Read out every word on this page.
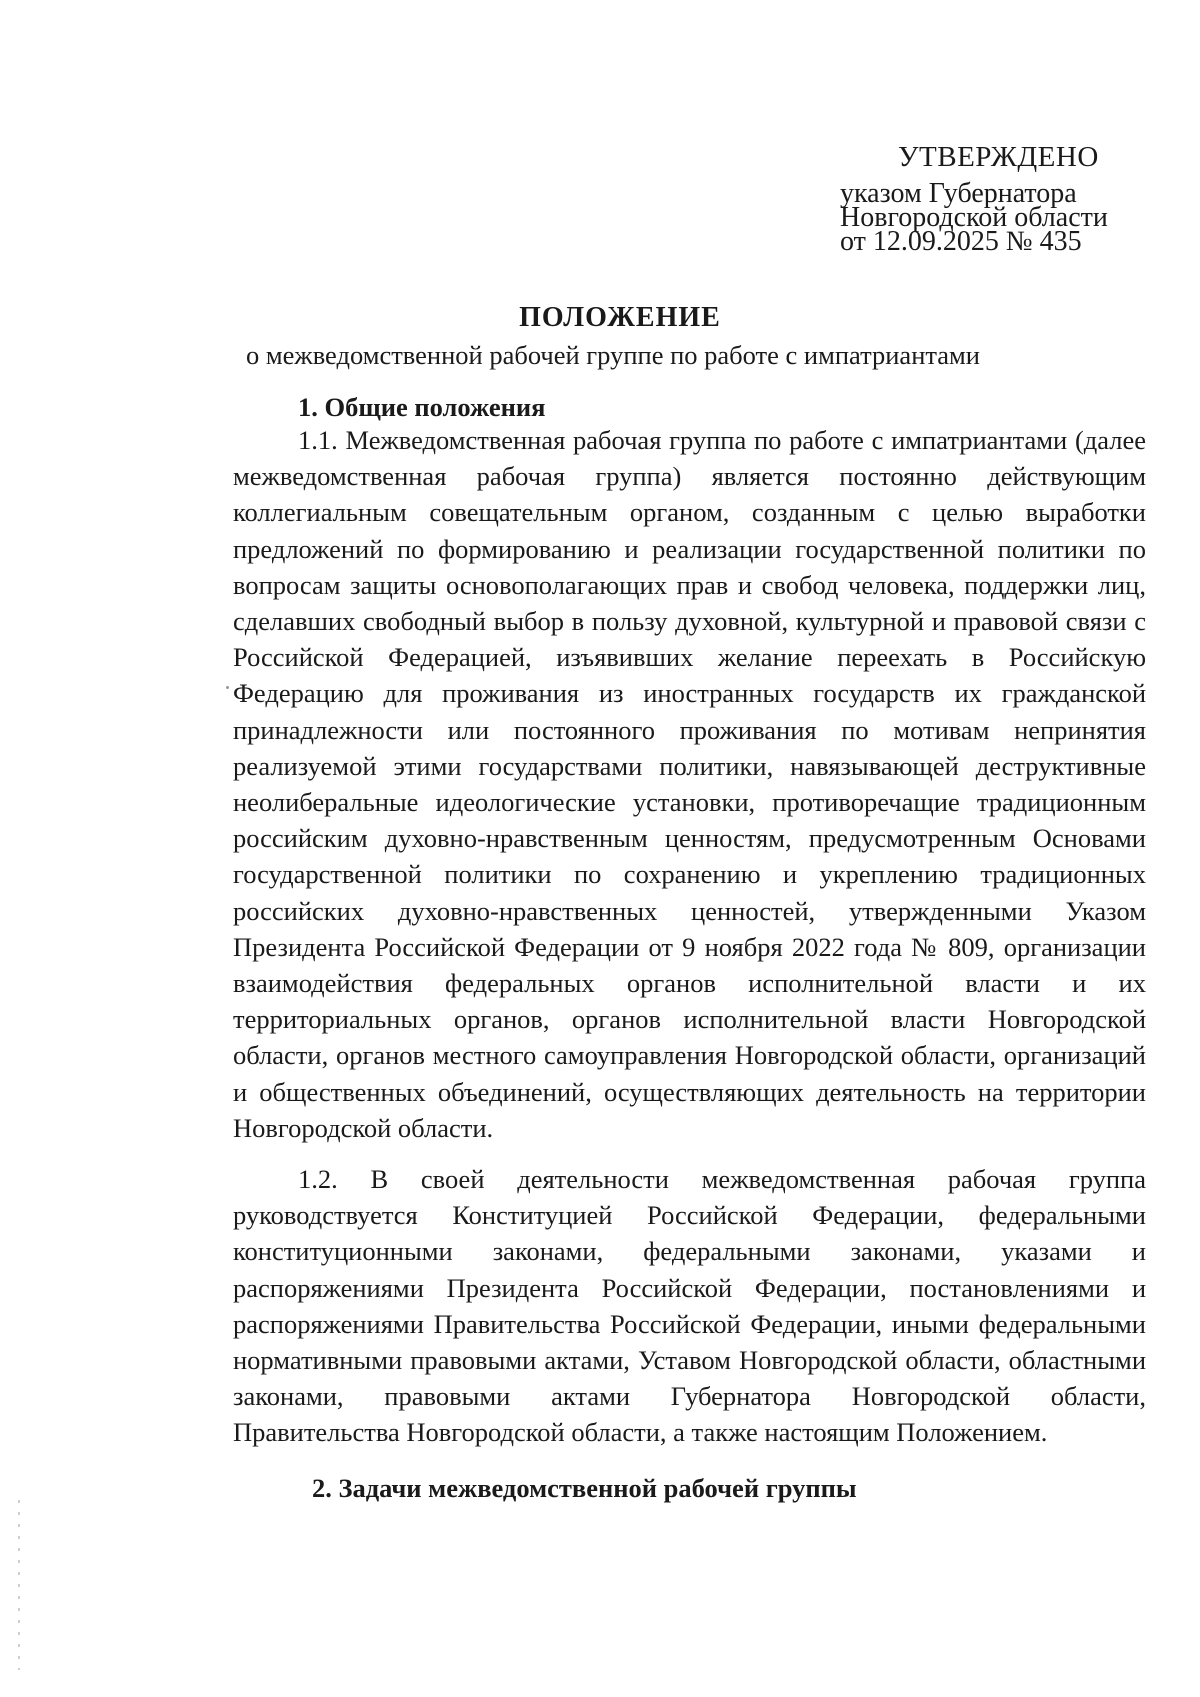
УТВЕРЖДЕНО
указом Губернатора
Новгородской области
от 12.09.2025 № 435
ПОЛОЖЕНИЕ
о межведомственной рабочей группе по работе с импатриантами
1. Общие положения

1.1. Межведомственная рабочая группа по работе с импатриантами (далее межведомственная рабочая группа) является постоянно действующим коллегиальным совещательным органом, созданным с целью выработки предложений по формированию и реализации государственной политики по вопросам защиты основополагающих прав и свобод человека, поддержки лиц, сделавших свободный выбор в пользу духовной, культурной и правовой связи с Российской Федерацией, изъявивших желание переехать в Российскую Федерацию для проживания из иностранных государств их гражданской принадлежности или постоянного проживания по мотивам непринятия реализуемой этими государствами политики, навязывающей деструктивные неолиберальные идеологические установки, противоречащие традиционным российским духовно-нравственным ценностям, предусмотренным Основами государственной политики по сохранению и укреплению традиционных российских духовно-нравственных ценностей, утвержденными Указом Президента Российской Федерации от 9 ноября 2022 года № 809, организации взаимодействия федеральных органов исполнительной власти и их территориальных органов, органов исполнительной власти Новгородской области, органов местного самоуправления Новгородской области, организаций и общественных объединений, осуществляющих деятельность на территории Новгородской области.

1.2. В своей деятельности межведомственная рабочая группа руководствуется Конституцией Российской Федерации, федеральными конституционными законами, федеральными законами, указами и распоряжениями Президента Российской Федерации, постановлениями и распоряжениями Правительства Российской Федерации, иными федеральными нормативными правовыми актами, Уставом Новгородской области, областными законами, правовыми актами Губернатора Новгородской области, Правительства Новгородской области, а также настоящим Положением.

2. Задачи межведомственной рабочей группы
